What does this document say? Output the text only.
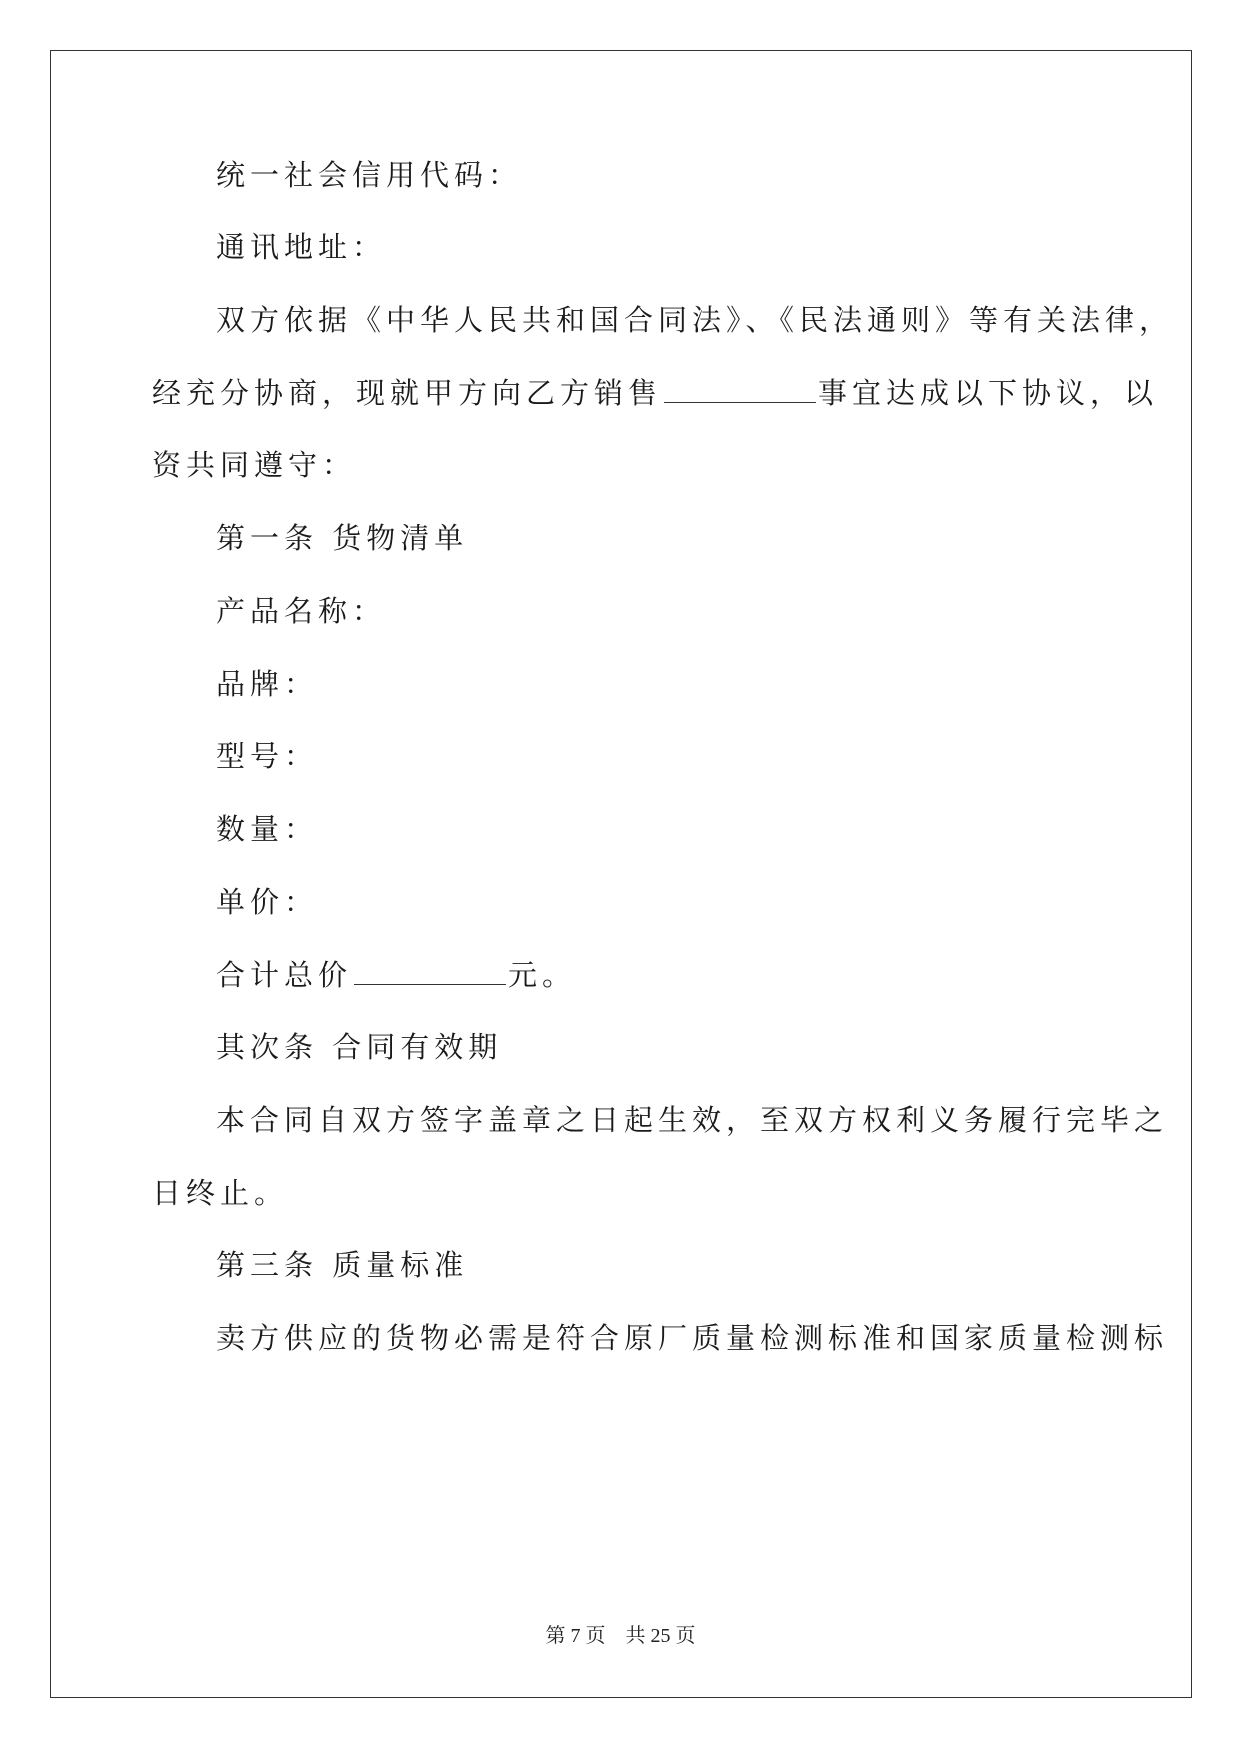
统一社会信用代码：
通讯地址：
双方依据《中华人民共和国合同法》、《民法通则》等有关法律，
经充分协商，现就甲方向乙方销售	事宜达成以下协议，以
资共同遵守：
第一条 货物清单
产品名称：
品牌：
型号：
数量：
单价：
合计总价	元。
其次条 合同有效期
本合同自双方签字盖章之日起生效，至双方权利义务履行完毕之
日终止。
第三条 质量标准
卖方供应的货物必需是符合原厂质量检测标准和国家质量检测标
第 7 页    共 25 页
